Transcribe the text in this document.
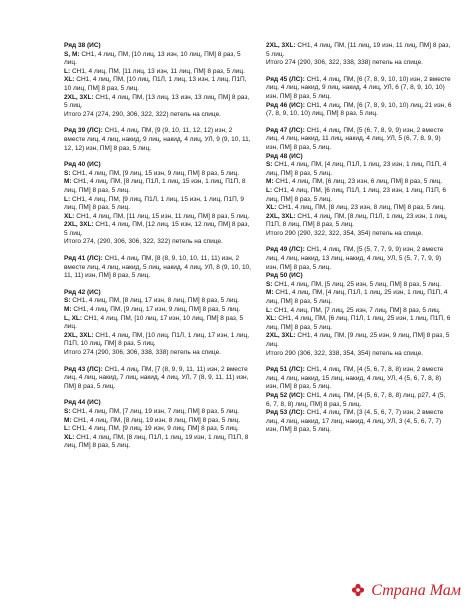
Ряд 38 (ИС)
S, M: СН1, 4 лиц, ПМ, [10 лиц, 13 изн, 10 лиц, ПМ] 8 раз, 5 лиц.
L: СН1, 4 лиц, ПМ, [11 лиц, 13 изн, 11 лиц, ПМ] 8 раз, 5 лиц.
XL: СН1, 4 лиц, ПМ, [10 лиц, П1Л, 1 лиц, 13 изн, 1 лиц, П1П, 10 лиц, ПМ] 8 раз, 5 лиц.
2XL, 3XL: СН1, 4 лиц, ПМ, [13 лиц, 13 изн, 13 лиц, ПМ] 8 раз, 5 лиц.
Итого 274 (274, 290, 306, 322, 322) петель на спице.
Ряд 39 (ЛС): СН1, 4 лиц, ПМ, [9 (9, 10, 11, 12, 12) изн, 2 вместе лиц, 4 лиц, накид, 9 лиц, накид, 4 лиц, УЛ, 9 (9, 10, 11, 12, 12) изн, ПМ] 8 раз, 5 лиц.
Ряд 40 (ИС)
S: СН1, 4 лиц, ПМ, [9 лиц, 15 изн, 9 лиц, ПМ] 8 раз, 5 лиц.
M: СН1, 4 лиц, ПМ, [8 лиц, П1Л, 1 лиц, 15 изн, 1 лиц, П1П, 8 лиц, ПМ] 8 раз, 5 лиц.
L: СН1, 4 лиц, ПМ, [9 лиц, П1Л, 1 лиц, 15 изн, 1 лиц, П1П, 9 лиц, ПМ] 8 раз, 5 лиц.
XL: СН1, 4 лиц, ПМ, [11 лиц, 15 изн, 11 лиц, ПМ] 8 раз, 5 лиц.
2XL, 3XL: СН1, 4 лиц, ПМ, [12 лиц, 15 изн, 12 лиц, ПМ] 8 раз, 5 лиц.
Итого 274, (290, 306, 306, 322, 322) петель на спице.
Ряд 41 (ЛС): СН1, 4 лиц, ПМ, [8 (8, 9, 10, 10, 11, 11) изн, 2 вместе лиц, 4 лиц, накид, 5 лиц, накид, 4 лиц, УЛ, 8 (9, 10, 10, 11, 11) изн, ПМ] 8 раз, 5 лиц.
Ряд 42 (ИС)
S: СН1, 4 лиц, ПМ, [8 лиц, 17 изн, 8 лиц, ПМ] 8 раз, 5 лиц.
M: СН1, 4 лиц, ПМ, [9 лиц, 17 изн, 9 лиц, ПМ] 8 раз, 5 лиц.
L, XL: СН1, 4 лиц, ПМ, [10 лиц, 17 изн, 10 лиц, ПМ] 8 раз, 5 лиц.
2XL, 3XL: СН1, 4 лиц, ПМ, [10 лиц, П1Л, 1 лиц, 17 изн, 1 лиц, П1П, 10 лиц, ПМ] 8 раз, 5 лиц.
Итого 274 (290, 306, 306, 338, 338) петель на спице.
Ряд 43 (ЛС): СН1, 4 лиц, ПМ, [7 (8, 9, 9, 11, 11) изн, 2 вместе лиц, 4 лиц, накид, 7 лиц, накид, 4 лиц, УЛ, 7 (8, 9, 11, 11) изн, ПМ] 8 раз, 5 лиц.
Ряд 44 (ИС)
S: СН1, 4 лиц, ПМ, [7 лиц, 19 изн, 7 лиц, ПМ] 8 раз, 5 лиц.
M: СН1, 4 лиц, ПМ, [8 лиц, 19 изн, 8 лиц, ПМ] 8 раз, 5 лиц.
L: СН1, 4 лиц, ПМ, [9 лиц, 19 изн, 9 лиц, ПМ] 8 раз, 5 лиц.
XL: СН1, 4 лиц, ПМ, [8 лиц, П1Л, 1 лиц, 19 изн, 1 лиц, П1П, 8 лиц, ПМ] 8 раз, 5 лиц.
2XL, 3XL: СН1, 4 лиц, ПМ, [11 лиц, 19 изн, 11 лиц, ПМ] 8 раз, 5 лиц.
Итого 274 (290, 306, 322, 338, 338) петель на спице.
Ряд 45 (ЛС): СН1, 4 лиц, ПМ, [6 (7, 8, 9, 10, 10) изн, 2 вместе лиц, 4 лиц, накид, 9 лиц, накид, 4 лиц, УЛ, 6 (7, 8, 9, 10, 10) изн, ПМ] 8 раз, 5 лиц.
Ряд 46 (ИС): СН1, 4 лиц, ПМ, [6 (7, 8, 9, 10, 10) лиц, 21 изн, 6 (7, 8, 9, 10, 10) лиц, ПМ] 8 раз, 5 лиц.
Ряд 47 (ЛС): СН1, 4 лиц, ПМ, [5 (6, 7, 8, 9, 9) изн, 2 вместе лиц, 4 лиц, накид, 11 лиц, накид, 4 лиц, УЛ, 5 (6, 7, 8, 9, 9) изн, ПМ] 8 раз, 5 лиц.
Ряд 48 (ИС)
S: СН1, 4 лиц, ПМ, [4 лиц, П1Л, 1 лиц, 23 изн, 1 лиц, П1П, 4 лиц, ПМ] 8 раз, 5 лиц.
M: СН1, 4 лиц, ПМ, [6 лиц, 23 изн, 6 лиц, ПМ] 8 раз, 5 лиц.
L: СН1, 4 лиц, ПМ, [6 лиц, П1Л, 1 лиц, 23 изн, 1 лиц, П1П, 6 лиц, ПМ] 8 раз, 5 лиц.
XL: СН1, 4 лиц, ПМ, [8 лиц, 23 изн, 8 лиц, ПМ] 8 раз, 5 лиц.
2XL, 3XL: СН1, 4 лиц, ПМ, [8 лиц, П1Л, 1 лиц, 23 изн, 1 лиц, П1П, 8 лиц, ПМ] 8 раз, 5 лиц.
Итого 290 (290, 322, 322, 354, 354) петель на спице.
Ряд 49 (ЛС): СН1, 4 лиц, ПМ, [5 (5, 7, 7, 9, 9) изн, 2 вместе лиц, 4 лиц, накид, 13 лиц, накид, 4 лиц, УЛ, 5 (5, 7, 7, 9, 9) изн, ПМ] 8 раз, 5 лиц.
Ряд 50 (ИС)
S: СН1, 4 лиц, ПМ, [5 лиц, 25 изн, 5 лиц, ПМ] 8 раз, 5 лиц.
M: СН1, 4 лиц, ПМ, [4 лиц, П1Л, 1 лиц, 25 изн, 1 лиц, П1П, 4 лиц, ПМ] 8 раз, 5 лиц.
L: СН1, 4 лиц, ПМ, [7 лиц, 25 изн, 7 лиц, ПМ] 8 раз, 5 лиц.
XL: СН1, 4 лиц, ПМ, [6 лиц, П1Л, 1 лиц, 25 изн, 1 лиц, П1П, 6 лиц, ПМ] 8 раз, 5 лиц.
2XL, 3XL: СН1, 4 лиц, ПМ, [9 лиц, 25 изн, 9 лиц, ПМ] 8 раз, 5 лиц.
Итого 290 (306, 322, 338, 354, 354) петель на спице.
Ряд 51 (ЛС): СН1, 4 лиц, ПМ, [4 (5, 6, 7, 8, 8) изн, 2 вместе лиц, 4 лиц, накид, 15 лиц, накид, 4 лиц, УЛ, 4 (5, 6, 7, 8, 8) изн, ПМ] 8 раз, 5 лиц.
Ряд 52 (ИС): СН1, 4 лиц, ПМ, [4 (5, 6, 7, 8, 8) лиц, р27, 4 (5, 6, 7, 8, 8) лиц, ПМ] 8 раз, 5 лиц.
Ряд 53 (ЛС): СН1, 4 лиц, ПМ, [3 (4, 5, 6, 7, 7) изн, 2 вместе лиц, 4 лиц, накид, 17 лиц, накид, 4 лиц, УЛ, 3 (4, 5, 6, 7, 7) изн, ПМ] 8 раз, 5 лиц.
Страна Мам
